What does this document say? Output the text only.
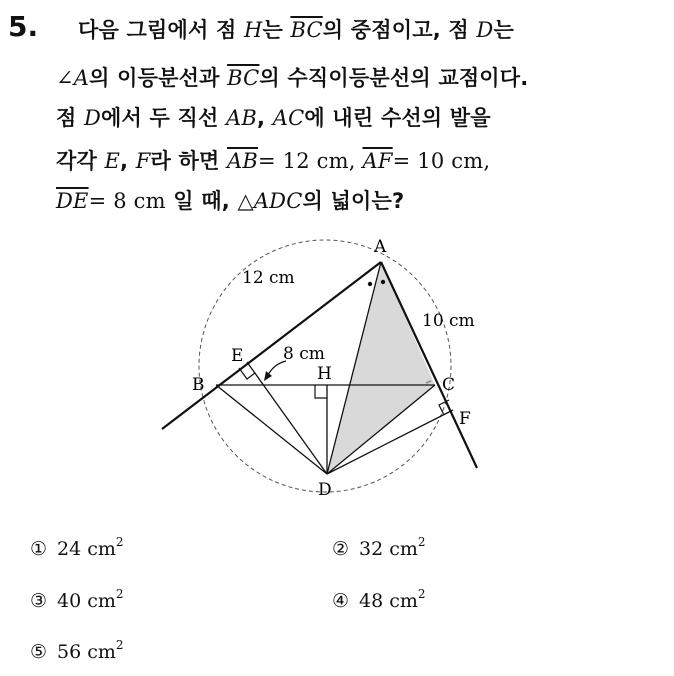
5. 다음 그림에서 점 H는 $\overline{BC}$의 중점이고, 점 D는
∠A의 이등분선과 $\overline{BC}$의 수직이등분선의 교점이다.
점 D에서 두 직선 AB, AC에 내린 수선의 발을
각각 E, F라 하면 $\overline{AB}= 12$ cm, $\overline{AF}= 10$ cm,
$\overline{DE}= 8$ cm 일 때, △ADC의 넓이는?
A
B	C
D
E
F
H
12 cm
10 cm
8 cm
① 24 $cm^2$	② 32 $cm^2$
③ 40 $cm^2$	④ 48 $cm^2$
⑤ 56 $cm^2$
